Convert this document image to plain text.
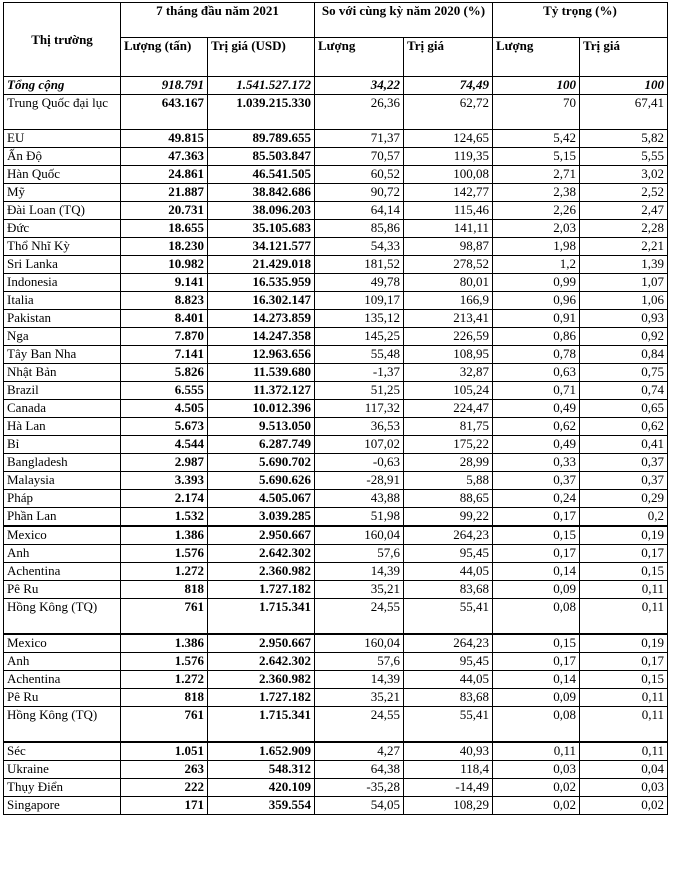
Thị trường	7 tháng đầu năm 2021		So với cùng kỳ năm 2020 (%)		Tỷ trọng (%)	
	Lượng (tấn)	Trị giá (USD)	Lượng	Trị giá	Lượng	Trị giá
Tổng cộng	918.791	1.541.527.172	34,22	74,49	100	100
Trung Quốc đại lục	643.167	1.039.215.330	26,36	62,72	70	67,41
EU	49.815	89.789.655	71,37	124,65	5,42	5,82
Ấn Độ	47.363	85.503.847	70,57	119,35	5,15	5,55
Hàn Quốc	24.861	46.541.505	60,52	100,08	2,71	3,02
Mỹ	21.887	38.842.686	90,72	142,77	2,38	2,52
Đài Loan (TQ)	20.731	38.096.203	64,14	115,46	2,26	2,47
Đức	18.655	35.105.683	85,86	141,11	2,03	2,28
Thổ Nhĩ Kỳ	18.230	34.121.577	54,33	98,87	1,98	2,21
Sri Lanka	10.982	21.429.018	181,52	278,52	1,2	1,39
Indonesia	9.141	16.535.959	49,78	80,01	0,99	1,07
Italia	8.823	16.302.147	109,17	166,9	0,96	1,06
Pakistan	8.401	14.273.859	135,12	213,41	0,91	0,93
Nga	7.870	14.247.358	145,25	226,59	0,86	0,92
Tây Ban Nha	7.141	12.963.656	55,48	108,95	0,78	0,84
Nhật Bản	5.826	11.539.680	-1,37	32,87	0,63	0,75
Brazil	6.555	11.372.127	51,25	105,24	0,71	0,74
Canada	4.505	10.012.396	117,32	224,47	0,49	0,65
Hà Lan	5.673	9.513.050	36,53	81,75	0,62	0,62
Bỉ	4.544	6.287.749	107,02	175,22	0,49	0,41
Bangladesh	2.987	5.690.702	-0,63	28,99	0,33	0,37
Malaysia	3.393	5.690.626	-28,91	5,88	0,37	0,37
Pháp	2.174	4.505.067	43,88	88,65	0,24	0,29
Phần Lan	1.532	3.039.285	51,98	99,22	0,17	0,2
Mexico	1.386	2.950.667	160,04	264,23	0,15	0,19
Anh	1.576	2.642.302	57,6	95,45	0,17	0,17
Achentina	1.272	2.360.982	14,39	44,05	0,14	0,15
Pê Ru	818	1.727.182	35,21	83,68	0,09	0,11
Hồng Kông (TQ)	761	1.715.341	24,55	55,41	0,08	0,11
Mexico	1.386	2.950.667	160,04	264,23	0,15	0,19
Anh	1.576	2.642.302	57,6	95,45	0,17	0,17
Achentina	1.272	2.360.982	14,39	44,05	0,14	0,15
Pê Ru	818	1.727.182	35,21	83,68	0,09	0,11
Hồng Kông (TQ)	761	1.715.341	24,55	55,41	0,08	0,11
Séc	1.051	1.652.909	4,27	40,93	0,11	0,11
Ukraine	263	548.312	64,38	118,4	0,03	0,04
Thụy Điển	222	420.109	-35,28	-14,49	0,02	0,03
Singapore	171	359.554	54,05	108,29	0,02	0,02
